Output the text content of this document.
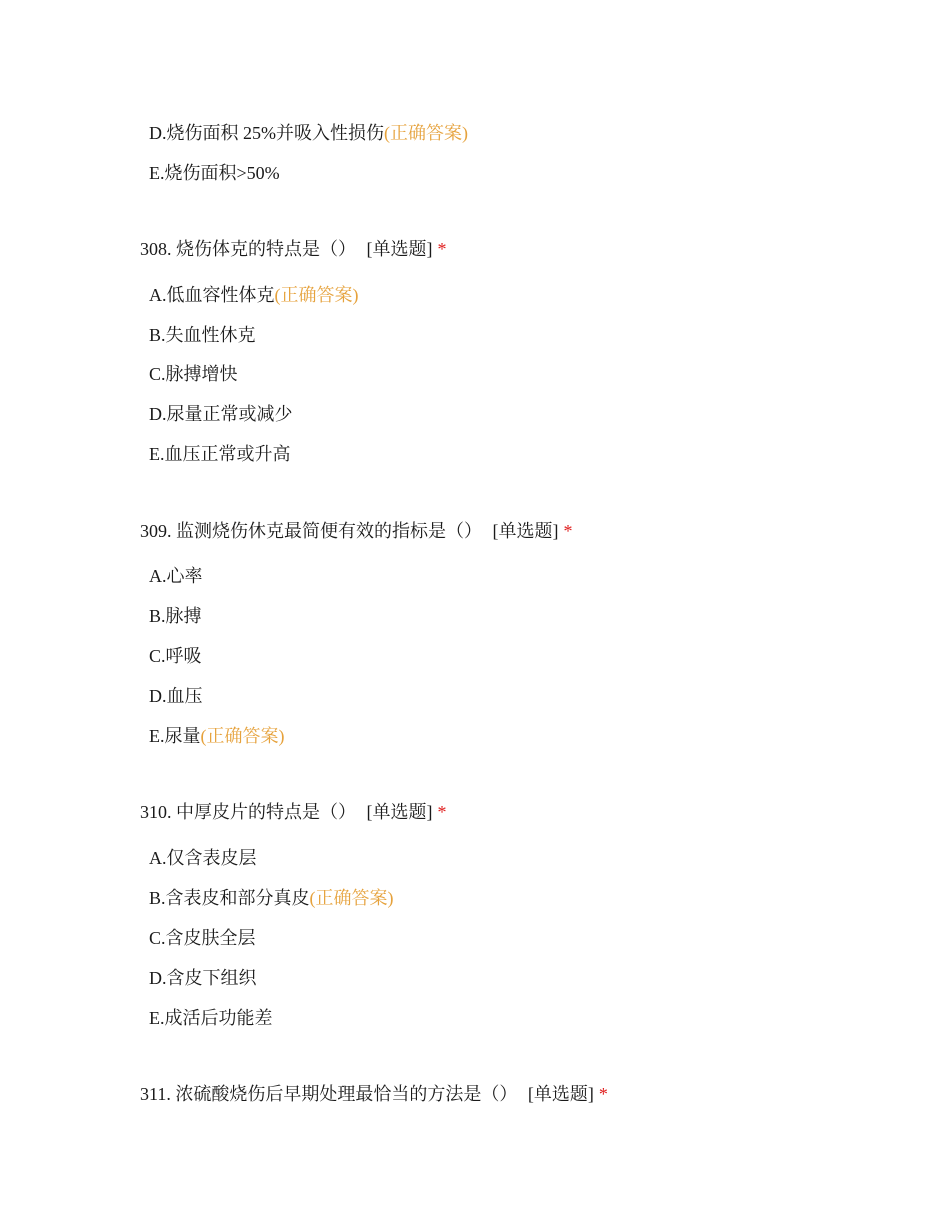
D.烧伤面积 25%并吸入性损伤(正确答案)
E.烧伤面积>50%
308. 烧伤体克的特点是（） [单选题] *
A.低血容性体克(正确答案)
B.失血性休克
C.脉搏增快
D.尿量正常或减少
E.血压正常或升高
309. 监测烧伤休克最简便有效的指标是（） [单选题] *
A.心率
B.脉搏
C.呼吸
D.血压
E.尿量(正确答案)
310. 中厚皮片的特点是（） [单选题] *
A.仅含表皮层
B.含表皮和部分真皮(正确答案)
C.含皮肤全层
D.含皮下组织
E.成活后功能差
311. 浓硫酸烧伤后早期处理最恰当的方法是（） [单选题] *
